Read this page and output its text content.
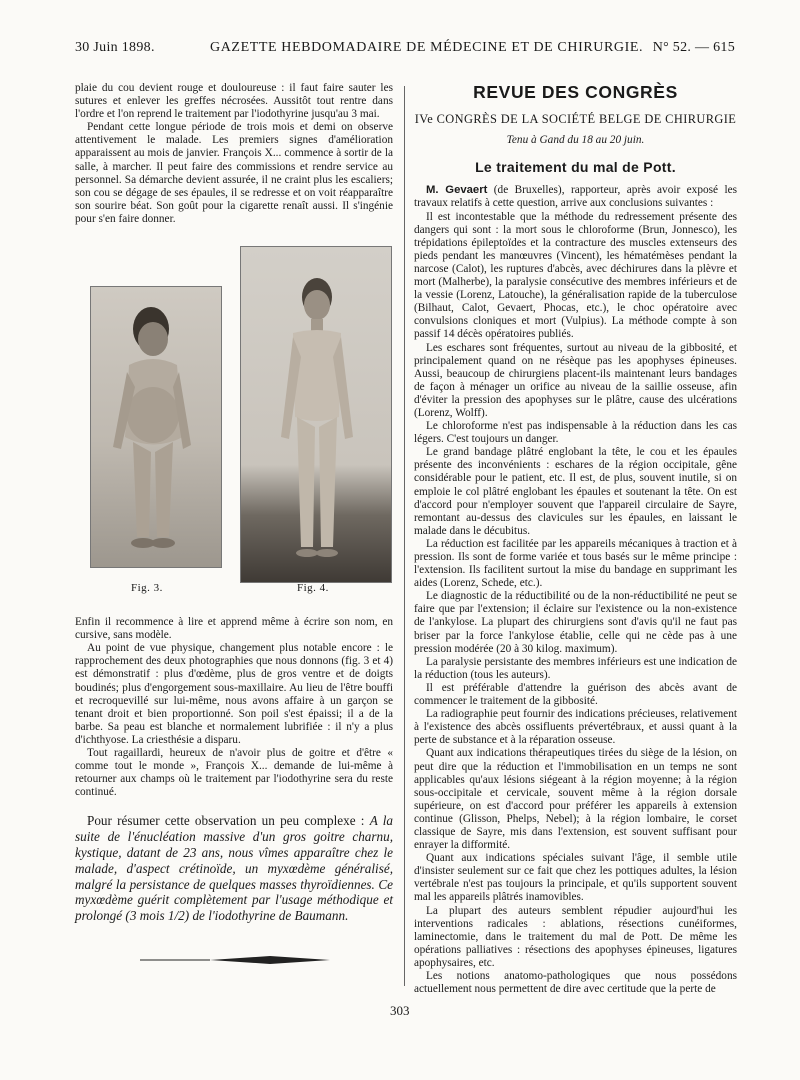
30 Juin 1898.	GAZETTE HEBDOMADAIRE DE MÉDECINE ET DE CHIRURGIE. N° 52. — 615

plaie du cou devient rouge et douloureuse : il faut faire sauter les sutures et enlever les greffes nécrosées. Aussitôt tout rentre dans l'ordre et l'on reprend le traitement par l'iodothyrine jusqu'au 3 mai.

Pendant cette longue période de trois mois et demi on observe attentivement le malade. Les premiers signes d'amélioration apparaissent au mois de janvier. François X... commence à sortir de la salle, à marcher. Il peut faire des commissions et rendre service au personnel. Sa démarche devient assurée, il ne craint plus les escaliers; son cou se dégage de ses épaules, il se redresse et on voit réapparaître son sourire béat. Son goût pour la cigarette renaît aussi. Il s'ingénie pour s'en faire donner.

Fig. 3.	Fig. 4.

Enfin il recommence à lire et apprend même à écrire son nom, en cursive, sans modèle.

Au point de vue physique, changement plus notable encore : le rapprochement des deux photographies que nous donnons (fig. 3 et 4) est démonstratif : plus d'œdème, plus de gros ventre et de doigts boudinés; plus d'engorgement sous-maxillaire. Au lieu de l'être bouffi et recroquevillé sur lui-même, nous avons affaire à un garçon se tenant droit et bien proportionné. Son poil s'est épaissi; il a de la barbe. Sa peau est blanche et normalement lubrifiée : il n'y a plus d'ichthyose. La criesthésie a disparu.

Tout ragaillardi, heureux de n'avoir plus de goitre et d'être « comme tout le monde », François X... demande de lui-même à retourner aux champs où le traitement par l'iodothyrine sera du reste continué.

Pour résumer cette observation un peu complexe : A la suite de l'énucléation massive d'un gros goitre charnu, kystique, datant de 23 ans, nous vîmes apparaître chez le malade, d'aspect crétinoïde, un myxœdème généralisé, malgré la persistance de quelques masses thyroïdiennes. Ce myxœdème guérit complètement par l'usage méthodique et prolongé (3 mois 1/2) de l'iodothyrine de Baumann.

REVUE DES CONGRÈS
IVe CONGRÈS DE LA SOCIÉTÉ BELGE DE CHIRURGIE
Tenu à Gand du 18 au 20 juin.
Le traitement du mal de Pott.

M. Gevaert (de Bruxelles), rapporteur, après avoir exposé les travaux relatifs à cette question, arrive aux conclusions suivantes :

Il est incontestable que la méthode du redressement présente des dangers qui sont : la mort sous le chloroforme (Brun, Jonnesco), les trépidations épileptoïdes et la contracture des muscles extenseurs des pieds pendant les manœuvres (Vincent), les hématémèses pendant la narcose (Calot), les ruptures d'abcès, avec déchirures dans la plèvre et mort (Malherbe), la paralysie consécutive des membres inférieurs et de la vessie (Lorenz, Latouche), la généralisation rapide de la tuberculose (Bilhaut, Calot, Gevaert, Phocas, etc.), le choc opératoire avec convulsions cloniques et mort (Vulpius). La méthode compte à son passif 14 décès opératoires publiés.

Les eschares sont fréquentes, surtout au niveau de la gibbosité, et principalement quand on ne résèque pas les apophyses épineuses. Aussi, beaucoup de chirurgiens placent-ils maintenant leurs bandages de façon à ménager un orifice au niveau de la saillie osseuse, afin d'éviter la pression des apophyses sur le plâtre, cause des ulcérations (Lorenz, Wolff).

Le chloroforme n'est pas indispensable à la réduction dans les cas légers. C'est toujours un danger.

Le grand bandage plâtré englobant la tête, le cou et les épaules présente des inconvénients : eschares de la région occipitale, gêne considérable pour le patient, etc. Il est, de plus, souvent inutile, si on emploie le col plâtré englobant les épaules et soutenant la tête. On est d'accord pour n'employer souvent que l'appareil circulaire de Sayre, remontant au-dessus des clavicules sur les épaules, en laissant le malade dans le décubitus.

La réduction est facilitée par les appareils mécaniques à traction et à pression. Ils sont de forme variée et tous basés sur le même principe : l'extension. Ils facilitent surtout la mise du bandage en supprimant les aides (Lorenz, Schede, etc.).

Le diagnostic de la réductibilité ou de la non-réductibilité ne peut se faire que par l'extension; il éclaire sur l'existence ou la non-existence de l'ankylose. La plupart des chirurgiens sont d'avis qu'il ne faut pas briser par la force l'ankylose établie, celle qui ne cède pas à une pression modérée (20 à 30 kilog. maximum).

La paralysie persistante des membres inférieurs est une indication de la réduction (tous les auteurs).

Il est préférable d'attendre la guérison des abcès avant de commencer le traitement de la gibbosité.

La radiographie peut fournir des indications précieuses, relativement à l'existence des abcès ossifluents prévertébraux, et aussi quant à la perte de substance et à la réparation osseuse.

Quant aux indications thérapeutiques tirées du siège de la lésion, on peut dire que la réduction et l'immobilisation en un temps ne sont applicables qu'aux lésions siégeant à la région moyenne; à la région sous-occipitale et cervicale, souvent même à la région dorsale supérieure, on est d'accord pour préférer les appareils à extension continue (Glisson, Phelps, Nebel); à la région lombaire, le corset classique de Sayre, mis dans l'extension, est souvent suffisant pour enrayer la difformité.

Quant aux indications spéciales suivant l'âge, il semble utile d'insister seulement sur ce fait que chez les pottiques adultes, la lésion vertébrale n'est pas toujours la principale, et qu'ils supportent souvent mal les appareils plâtrés inamovibles.

La plupart des auteurs semblent répudier aujourd'hui les interventions radicales : ablations, résections cunéiformes, laminectomie, dans le traitement du mal de Pott. De même les opérations palliatives : résections des apophyses épineuses, ligatures apophysaires, etc.

Les notions anatomo-pathologiques que nous possédons actuellement nous permettent de dire avec certitude que la perte de

303
